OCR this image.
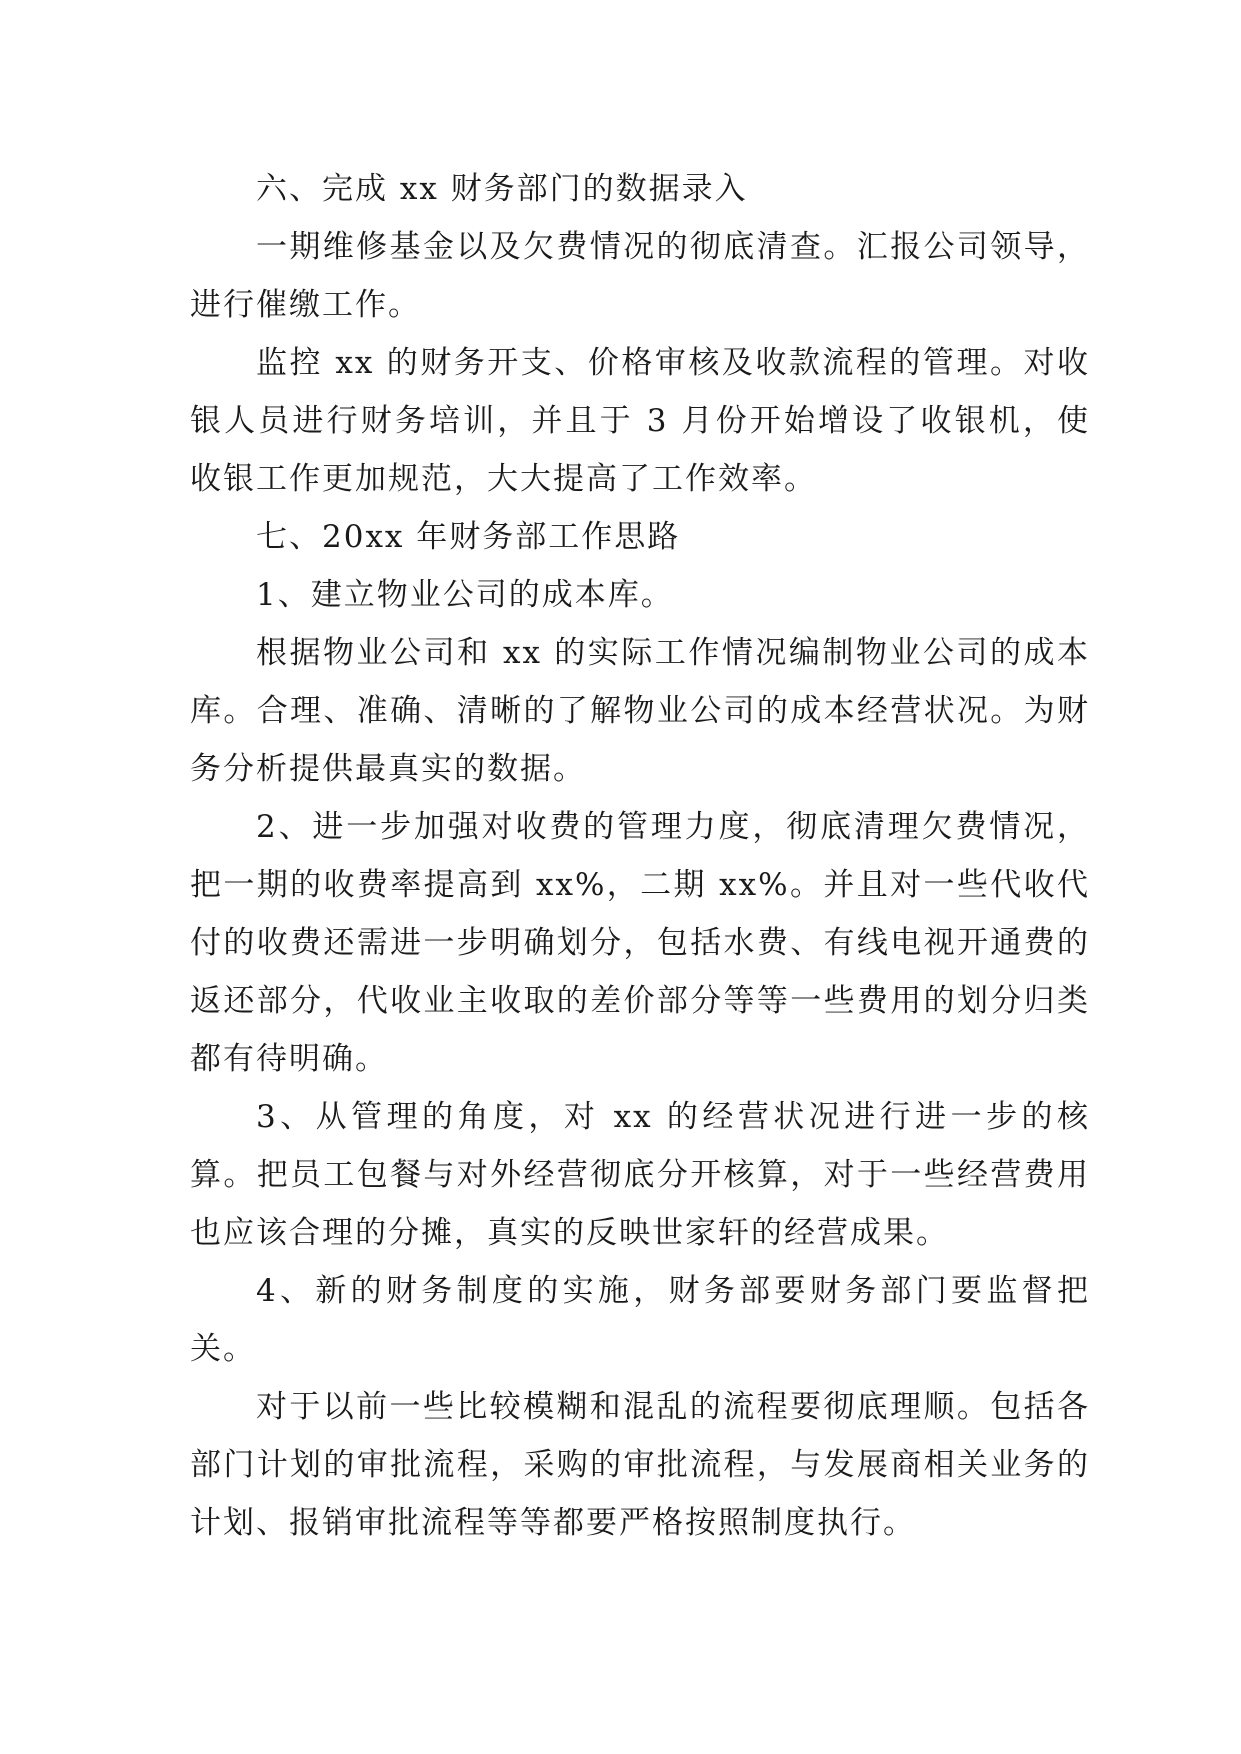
六、完成 xx 财务部门的数据录入

一期维修基金以及欠费情况的彻底清查。汇报公司领导，进行催缴工作。

监控 xx 的财务开支、价格审核及收款流程的管理。对收银人员进行财务培训，并且于 3 月份开始增设了收银机，使收银工作更加规范，大大提高了工作效率。

七、20xx 年财务部工作思路

1、建立物业公司的成本库。

根据物业公司和 xx 的实际工作情况编制物业公司的成本库。合理、准确、清晰的了解物业公司的成本经营状况。为财务分析提供最真实的数据。

2、进一步加强对收费的管理力度，彻底清理欠费情况，把一期的收费率提高到 xx%，二期 xx%。并且对一些代收代付的收费还需进一步明确划分，包括水费、有线电视开通费的返还部分，代收业主收取的差价部分等等一些费用的划分归类都有待明确。

3、从管理的角度，对 xx 的经营状况进行进一步的核算。把员工包餐与对外经营彻底分开核算，对于一些经营费用也应该合理的分摊，真实的反映世家轩的经营成果。

4、新的财务制度的实施，财务部要财务部门要监督把关。

对于以前一些比较模糊和混乱的流程要彻底理顺。包括各部门计划的审批流程，采购的审批流程，与发展商相关业务的计划、报销审批流程等等都要严格按照制度执行。
